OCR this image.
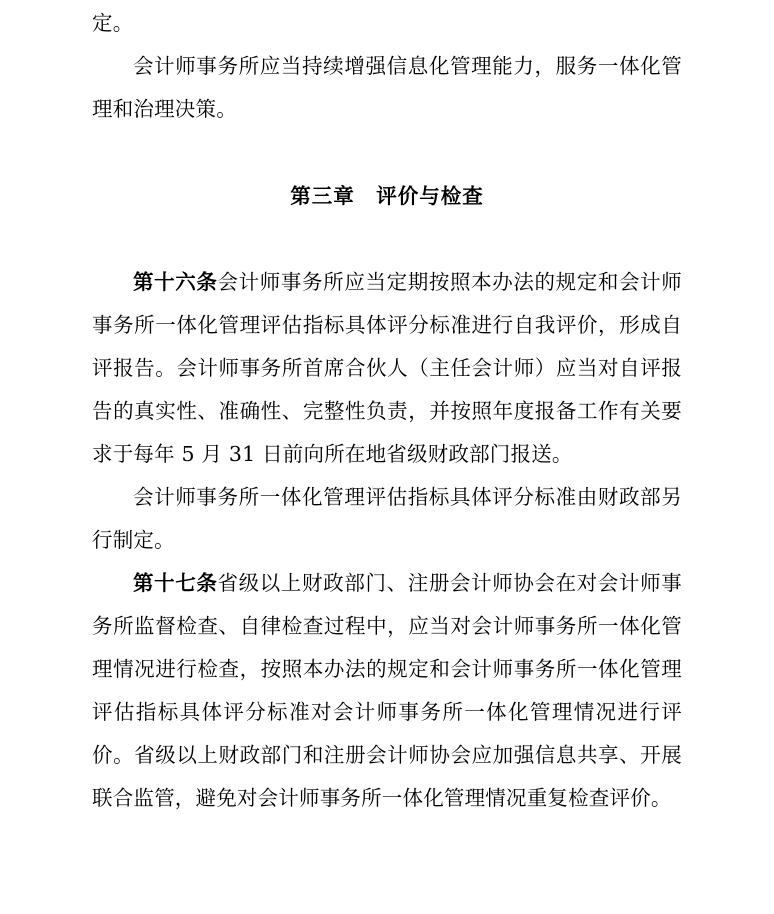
定。

会计师事务所应当持续增强信息化管理能力，服务一体化管理和治理决策。

第三章　评价与检查

第十六条会计师事务所应当定期按照本办法的规定和会计师事务所一体化管理评估指标具体评分标准进行自我评价，形成自评报告。会计师事务所首席合伙人（主任会计师）应当对自评报告的真实性、准确性、完整性负责，并按照年度报备工作有关要求于每年 5 月 31 日前向所在地省级财政部门报送。

会计师事务所一体化管理评估指标具体评分标准由财政部另行制定。

第十七条省级以上财政部门、注册会计师协会在对会计师事务所监督检查、自律检查过程中，应当对会计师事务所一体化管理情况进行检查，按照本办法的规定和会计师事务所一体化管理评估指标具体评分标准对会计师事务所一体化管理情况进行评价。省级以上财政部门和注册会计师协会应加强信息共享、开展联合监管，避免对会计师事务所一体化管理情况重复检查评价。
